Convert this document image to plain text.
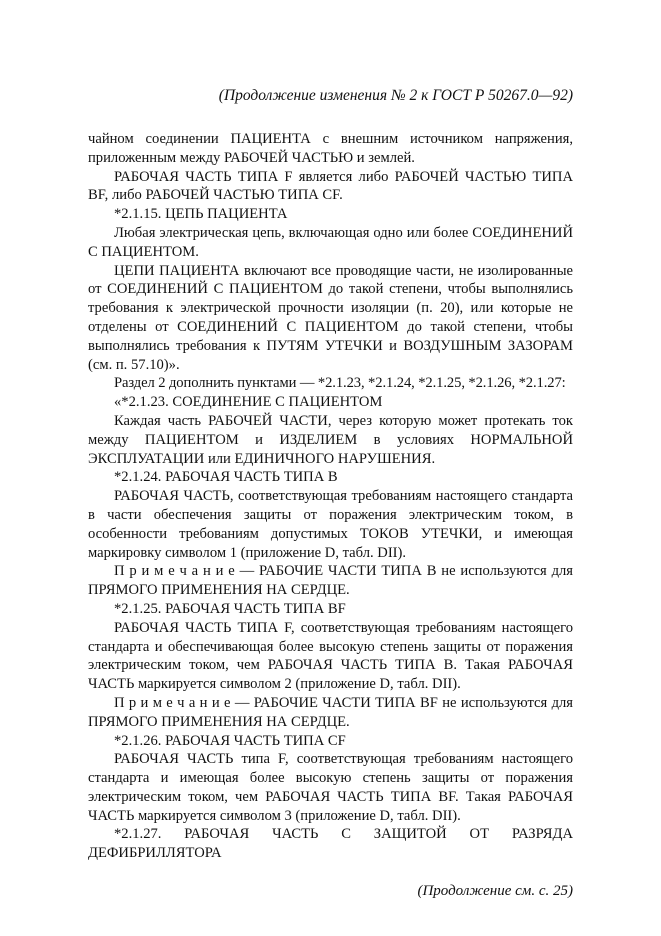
(Продолжение изменения № 2 к ГОСТ Р 50267.0—92)

чайном соединении ПАЦИЕНТА с внешним источником напряжения, приложенным между РАБОЧЕЙ ЧАСТЬЮ и землей.

РАБОЧАЯ ЧАСТЬ ТИПА F является либо РАБОЧЕЙ ЧАСТЬЮ ТИПА BF, либо РАБОЧЕЙ ЧАСТЬЮ ТИПА CF.

*2.1.15. ЦЕПЬ ПАЦИЕНТА

Любая электрическая цепь, включающая одно или более СОЕДИНЕНИЙ С ПАЦИЕНТОМ.

ЦЕПИ ПАЦИЕНТА включают все проводящие части, не изолированные от СОЕДИНЕНИЙ С ПАЦИЕНТОМ до такой степени, чтобы выполнялись требования к электрической прочности изоляции (п. 20), или которые не отделены от СОЕДИНЕНИЙ С ПАЦИЕНТОМ до такой степени, чтобы выполнялись требования к ПУТЯМ УТЕЧКИ и ВОЗДУШНЫМ ЗАЗОРАМ (см. п. 57.10)».

Раздел 2 дополнить пунктами — *2.1.23, *2.1.24, *2.1.25, *2.1.26, *2.1.27:

«*2.1.23. СОЕДИНЕНИЕ С ПАЦИЕНТОМ

Каждая часть РАБОЧЕЙ ЧАСТИ, через которую может протекать ток между ПАЦИЕНТОМ и ИЗДЕЛИЕМ в условиях НОРМАЛЬНОЙ ЭКСПЛУАТАЦИИ или ЕДИНИЧНОГО НАРУШЕНИЯ.

*2.1.24. РАБОЧАЯ ЧАСТЬ ТИПА В

РАБОЧАЯ ЧАСТЬ, соответствующая требованиям настоящего стандарта в части обеспечения защиты от поражения электрическим током, в особенности требованиям допустимых ТОКОВ УТЕЧКИ, и имеющая маркировку символом 1 (приложение D, табл. DII).

П р и м е ч а н и е — РАБОЧИЕ ЧАСТИ ТИПА В не используются для ПРЯМОГО ПРИМЕНЕНИЯ НА СЕРДЦЕ.

*2.1.25. РАБОЧАЯ ЧАСТЬ ТИПА BF

РАБОЧАЯ ЧАСТЬ ТИПА F, соответствующая требованиям настоящего стандарта и обеспечивающая более высокую степень защиты от поражения электрическим током, чем РАБОЧАЯ ЧАСТЬ ТИПА В. Такая РАБОЧАЯ ЧАСТЬ маркируется символом 2 (приложение D, табл. DII).

П р и м е ч а н и е — РАБОЧИЕ ЧАСТИ ТИПА BF не используются для ПРЯМОГО ПРИМЕНЕНИЯ НА СЕРДЦЕ.

*2.1.26. РАБОЧАЯ ЧАСТЬ ТИПА CF

РАБОЧАЯ ЧАСТЬ типа F, соответствующая требованиям настоящего стандарта и имеющая более высокую степень защиты от поражения электрическим током, чем РАБОЧАЯ ЧАСТЬ ТИПА BF. Такая РАБОЧАЯ ЧАСТЬ маркируется символом 3 (приложение D, табл. DII).

*2.1.27. РАБОЧАЯ ЧАСТЬ С ЗАЩИТОЙ ОТ РАЗРЯДА ДЕФИБРИЛЛЯТОРА

(Продолжение см. с. 25)
